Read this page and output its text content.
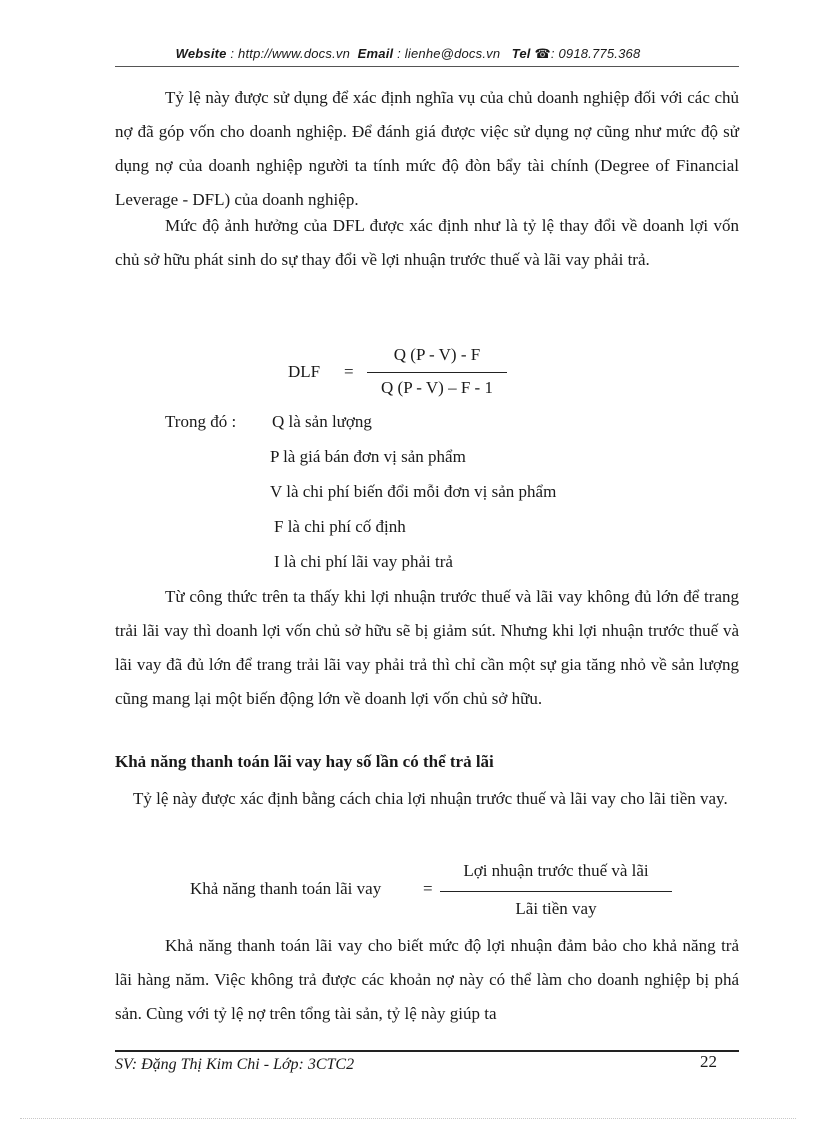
Website : http://www.docs.vn Email : lienhe@docs.vn Tel ☎: 0918.775.368

Tỷ lệ này được sử dụng để xác định nghĩa vụ của chủ doanh nghiệp đối với các chủ nợ đã góp vốn cho doanh nghiệp. Để đánh giá được việc sử dụng nợ cũng như mức độ sử dụng nợ của doanh nghiệp người ta tính mức độ đòn bẩy tài chính (Degree of Financial Leverage - DFL) của doanh nghiệp.

Mức độ ảnh hưởng của DFL được xác định như là tỷ lệ thay đổi về doanh lợi vốn chủ sở hữu phát sinh do sự thay đổi về lợi nhuận trước thuế và lãi vay phải trả.

DLF =
Q (P - V) - F
Q (P - V) – F - 1
Trong đó : Q là sản lượng
P là giá bán đơn vị sản phẩm
V là chi phí biến đổi mỗi đơn vị sản phẩm
F là chi phí cố định
I là chi phí lãi vay phải trả

Từ công thức trên ta thấy khi lợi nhuận trước thuế và lãi vay không đủ lớn để trang trải lãi vay thì doanh lợi vốn chủ sở hữu sẽ bị giảm sút. Nhưng khi lợi nhuận trước thuế và lãi vay đã đủ lớn để trang trải lãi vay phải trả thì chỉ cần một sự gia tăng nhỏ về sản lượng cũng mang lại một biến động lớn về doanh lợi vốn chủ sở hữu.

Khả năng thanh toán lãi vay hay số lần có thể trả lãi

Tỷ lệ này được xác định bằng cách chia lợi nhuận trước thuế và lãi vay cho lãi tiền vay.

Khả năng thanh toán lãi vay =
Lợi nhuận trước thuế và lãi
Lãi tiền vay

Khả năng thanh toán lãi vay cho biết mức độ lợi nhuận đảm bảo cho khả năng trả lãi hàng năm. Việc không trả được các khoản nợ này có thể làm cho doanh nghiệp bị phá sản. Cùng với tỷ lệ nợ trên tổng tài sản, tỷ lệ này giúp ta

SV: Đặng Thị Kim Chi - Lớp: 3CTC2	22
